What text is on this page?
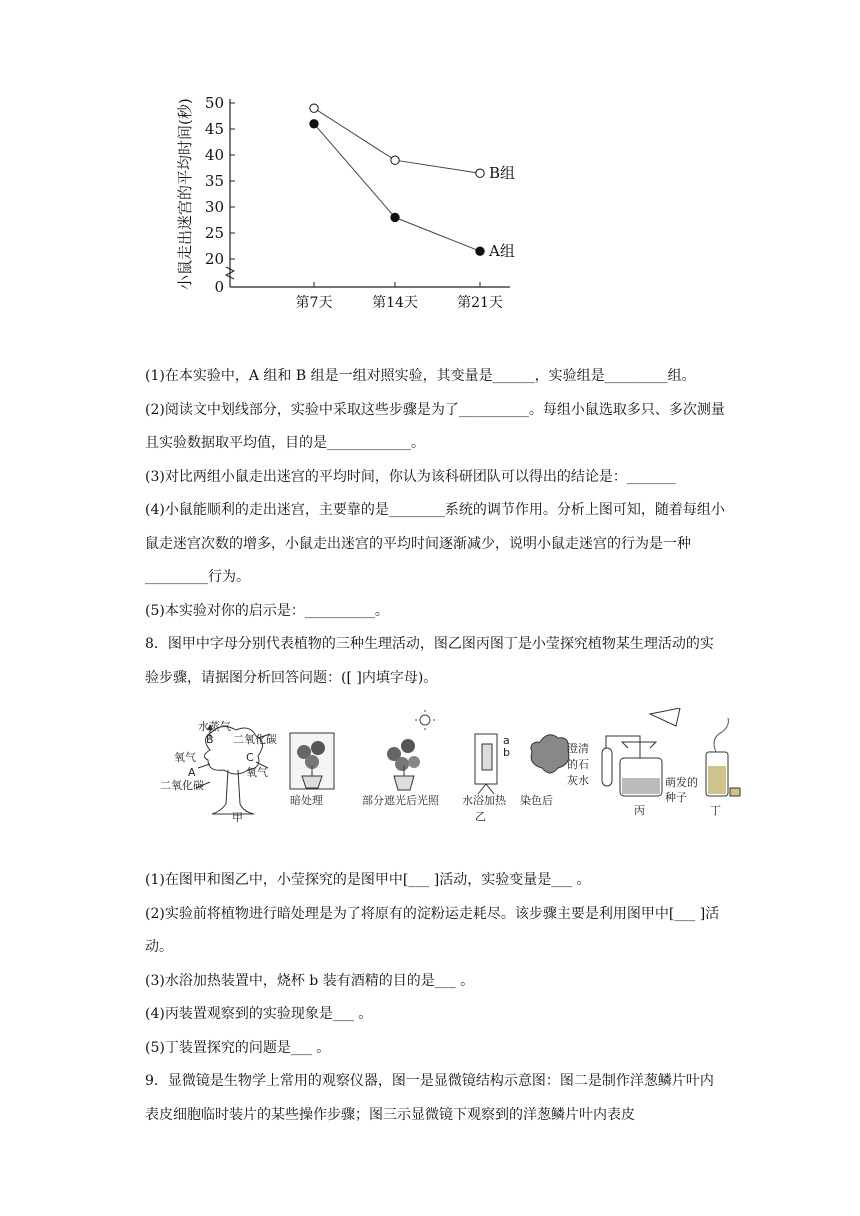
小鼠走出迷宫的平均时间(秒) 0
20
25
30
35
40
45
50
第7天	第14天	第21天
B组
A组

(1)在本实验中，A 组和 B 组是一组对照实验，其变量是______，实验组是_________组。

(2)阅读文中划线部分，实验中采取这些步骤是为了__________。每组小鼠选取多只、多次测量且实验数据取平均值，目的是____________。

(3)对比两组小鼠走出迷宫的平均时间，你认为该科研团队可以得出的结论是：_______

(4)小鼠能顺利的走出迷宫，主要靠的是________系统的调节作用。分析上图可知，随着每组小鼠走迷宫次数的增多，小鼠走出迷宫的平均时间逐渐减少，说明小鼠走迷宫的行为是一种_________行为。

(5)本实验对你的启示是：__________。

8．图甲中字母分别代表植物的三种生理活动，图乙图丙图丁是小莹探究植物某生理活动的实验步骤，请据图分析回答问题：([ ]内填字母)。

水蒸气
B 二氧化碳
氧气	C
A	氧气
二氧化碳
甲
暗处理	部分遮光后光照
a
b
水浴加热
乙
染色后
澄清
的石
灰水
丙
萌发的
种子
丁

(1)在图甲和图乙中，小莹探究的是图甲中[___ ]活动，实验变量是___ 。

(2)实验前将植物进行暗处理是为了将原有的淀粉运走耗尽。该步骤主要是利用图甲中[___ ]活动。

(3)水浴加热装置中，烧杯 b 装有酒精的目的是___ 。

(4)丙装置观察到的实验现象是___ 。

(5)丁装置探究的问题是___ 。

9．显微镜是生物学上常用的观察仪器，图一是显微镜结构示意图：图二是制作洋葱鳞片叶内表皮细胞临时装片的某些操作步骤；图三示显微镜下观察到的洋葱鳞片叶内表皮
